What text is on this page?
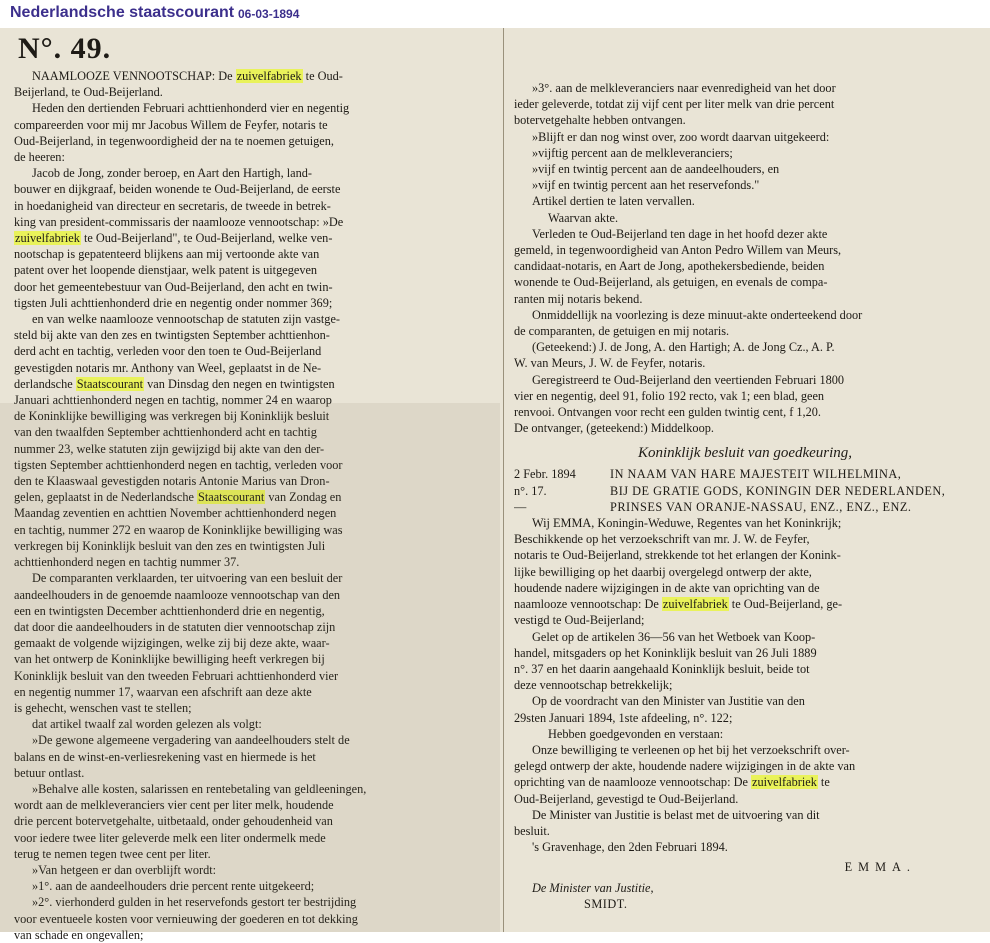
Nederlandsche staatscourant 06-03-1894
N°. 49.

NAAMLOOZE VENNOOTSCHAP: De zuivelfabriek te Oud-

Beijerland, te Oud-Beijerland.

Heden den dertienden Februari achttienhonderd vier en negentig

compareerden voor mij mr Jacobus Willem de Feyfer, notaris te

Oud-Beijerland, in tegenwoordigheid der na te noemen getuigen,

de heeren:

Jacob de Jong, zonder beroep, en Aart den Hartigh, land-

bouwer en dijkgraaf, beiden wonende te Oud-Beijerland, de eerste

in hoedanigheid van directeur en secretaris, de tweede in betrek-

king van president-commissaris der naamlooze vennootschap: »De

zuivelfabriek te Oud-Beijerland", te Oud-Beijerland, welke ven-

nootschap is gepatenteerd blijkens aan mij vertoonde akte van

patent over het loopende dienstjaar, welk patent is uitgegeven

door het gemeentebestuur van Oud-Beijerland, den acht en twin-

tigsten Juli achttienhonderd drie en negentig onder nommer 369;

en van welke naamlooze vennootschap de statuten zijn vastge-

steld bij akte van den zes en twintigsten September achttienhon-

derd acht en tachtig, verleden voor den toen te Oud-Beijerland

gevestigden notaris mr. Anthony van Weel, geplaatst in de Ne-

derlandsche Staatscourant van Dinsdag den negen en twintigsten

Januari achttienhonderd negen en tachtig, nommer 24 en waarop

de Koninklijke bewilliging was verkregen bij Koninklijk besluit

van den twaalfden September achttienhonderd acht en tachtig

nummer 23, welke statuten zijn gewijzigd bij akte van den der-

tigsten September achttienhonderd negen en tachtig, verleden voor

den te Klaaswaal gevestigden notaris Antonie Marius van Dron-

gelen, geplaatst in de Nederlandsche Staatscourant van Zondag en

Maandag zeventien en achttien November achttienhonderd negen

en tachtig, nummer 272 en waarop de Koninklijke bewilliging was

verkregen bij Koninklijk besluit van den zes en twintigsten Juli

achttienhonderd negen en tachtig nummer 37.

De comparanten verklaarden, ter uitvoering van een besluit der

aandeelhouders in de genoemde naamlooze vennootschap van den

een en twintigsten December achttienhonderd drie en negentig,

dat door die aandeelhouders in de statuten dier vennootschap zijn

gemaakt de volgende wijzigingen, welke zij bij deze akte, waar-

van het ontwerp de Koninklijke bewilliging heeft verkregen bij

Koninklijk besluit van den tweeden Februari achttienhonderd vier

en negentig nummer 17, waarvan een afschrift aan deze akte

is gehecht, wenschen vast te stellen;

dat artikel twaalf zal worden gelezen als volgt:

»De gewone algemeene vergadering van aandeelhouders stelt de

balans en de winst-en-verliesrekening vast en hiermede is het

betuur ontlast.

»Behalve alle kosten, salarissen en rentebetaling van geldleeningen,

wordt aan de melkleveranciers vier cent per liter melk, houdende

drie percent botervetgehalte, uitbetaald, onder gehoudenheid van

voor iedere twee liter geleverde melk een liter ondermelk mede

terug te nemen tegen twee cent per liter.

»Van hetgeen er dan overblijft wordt:

»1°. aan de aandeelhouders drie percent rente uitgekeerd;

»2°. vierhonderd gulden in het reservefonds gestort ter bestrijding

voor eventueele kosten voor vernieuwing der goederen en tot dekking

van schade en ongevallen;

»3°. aan de melkleveranciers naar evenredigheid van het door

ieder geleverde, totdat zij vijf cent per liter melk van drie percent

botervetgehalte hebben ontvangen.

»Blijft er dan nog winst over, zoo wordt daarvan uitgekeerd:

»vijftig percent aan de melkleveranciers;

»vijf en twintig percent aan de aandeelhouders, en

»vijf en twintig percent aan het reservefonds."

Artikel dertien te laten vervallen.

Waarvan akte.

Verleden te Oud-Beijerland ten dage in het hoofd dezer akte

gemeld, in tegenwoordigheid van Anton Pedro Willem van Meurs,

candidaat-notaris, en Aart de Jong, apothekersbediende, beiden

wonende te Oud-Beijerland, als getuigen, en evenals de compa-

ranten mij notaris bekend.

Onmiddellijk na voorlezing is deze minuut-akte onderteekend door

de comparanten, de getuigen en mij notaris.

(Geteekend:) J. de Jong, A. den Hartigh; A. de Jong Cz., A. P.

W. van Meurs, J. W. de Feyfer, notaris.

Geregistreerd te Oud-Beijerland den veertienden Februari 1800

vier en negentig, deel 91, folio 192 recto, vak 1; een blad, geen

renvooi. Ontvangen voor recht een gulden twintig cent, f 1,20.

De ontvanger, (geteekend:) Middelkoop.

Koninklijk besluit van goedkeuring,
2 Febr. 1894	IN NAAM VAN HARE MAJESTEIT WILHELMINA,
n°. 17.	BIJ DE GRATIE GODS, KONINGIN DER NEDERLANDEN,
—	PRINSES VAN ORANJE-NASSAU, ENZ., ENZ., ENZ.

Wij EMMA, Koningin-Weduwe, Regentes van het Koninkrijk;

Beschikkende op het verzoekschrift van mr. J. W. de Feyfer,

notaris te Oud-Beijerland, strekkende tot het erlangen der Konink-

lijke bewilliging op het daarbij overgelegd ontwerp der akte,

houdende nadere wijzigingen in de akte van oprichting van de

naamlooze vennootschap: De zuivelfabriek te Oud-Beijerland, ge-

vestigd te Oud-Beijerland;

Gelet op de artikelen 36—56 van het Wetboek van Koop-

handel, mitsgaders op het Koninklijk besluit van 26 Juli 1889

n°. 37 en het daarin aangehaald Koninklijk besluit, beide tot

deze vennootschap betrekkelijk;

Op de voordracht van den Minister van Justitie van den

29sten Januari 1894, 1ste afdeeling, n°. 122;

Hebben goedgevonden en verstaan:

Onze bewilliging te verleenen op het bij het verzoekschrift over-

gelegd ontwerp der akte, houdende nadere wijzigingen in de akte van

oprichting van de naamlooze vennootschap: De zuivelfabriek te

Oud-Beijerland, gevestigd te Oud-Beijerland.

De Minister van Justitie is belast met de uitvoering van dit

besluit.

's Gravenhage, den 2den Februari 1894.

EMMA.

De Minister van Justitie,

SMIDT.
